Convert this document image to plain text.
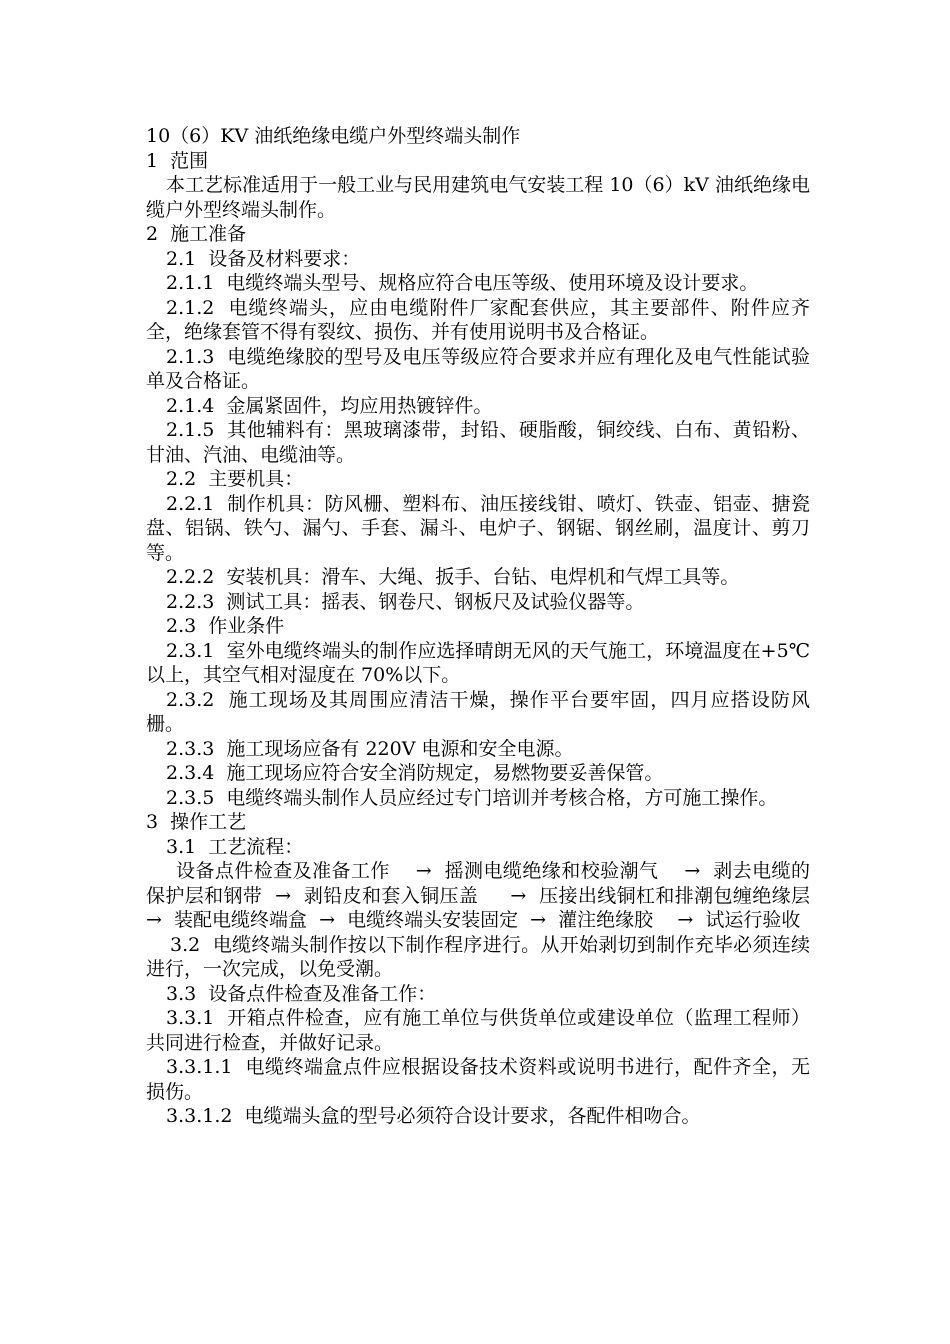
10（6）KV 油纸绝缘电缆户外型终端头制作

1  范围

本工艺标准适用于一般工业与民用建筑电气安装工程 10（6）kV 油纸绝缘电缆户外型终端头制作。

2  施工准备

2.1  设备及材料要求：

2.1.1  电缆终端头型号、规格应符合电压等级、使用环境及设计要求。

2.1.2  电缆终端头，应由电缆附件厂家配套供应，其主要部件、附件应齐全，绝缘套管不得有裂纹、损伤、并有使用说明书及合格证。

2.1.3  电缆绝缘胶的型号及电压等级应符合要求并应有理化及电气性能试验单及合格证。

2.1.4  金属紧固件，均应用热镀锌件。

2.1.5  其他辅料有：黑玻璃漆带，封铅、硬脂酸，铜绞线、白布、黄铅粉、甘油、汽油、电缆油等。

2.2  主要机具：

2.2.1  制作机具：防风栅、塑料布、油压接线钳、喷灯、铁壶、铝壶、搪瓷盘、铝锅、铁勺、漏勺、手套、漏斗、电炉子、钢锯、钢丝刷，温度计、剪刀等。

2.2.2  安装机具：滑车、大绳、扳手、台钻、电焊机和气焊工具等。

2.2.3  测试工具：摇表、钢卷尺、钢板尺及试验仪器等。

2.3  作业条件

2.3.1  室外电缆终端头的制作应选择晴朗无风的天气施工，环境温度在+5℃以上，其空气相对湿度在 70%以下。

2.3.2  施工现场及其周围应清洁干燥，操作平台要牢固，四月应搭设防风栅。

2.3.3  施工现场应备有 220V 电源和安全电源。

2.3.4  施工现场应符合安全消防规定，易燃物要妥善保管。

2.3.5  电缆终端头制作人员应经过专门培训并考核合格，方可施工操作。

3  操作工艺

3.1  工艺流程：

设备点件检查及准备工作    →  摇测电缆绝缘和校验潮气    →  剥去电缆的保护层和钢带  →  剥铅皮和套入铜压盖     →  压接出线铜杠和排潮包缠绝缘层    →  装配电缆终端盒  →  电缆终端头安装固定  →  灌注绝缘胶    →  试运行验收

3.2  电缆终端头制作按以下制作程序进行。从开始剥切到制作充毕必须连续进行，一次完成，以免受潮。

3.3  设备点件检查及准备工作：

3.3.1  开箱点件检查，应有施工单位与供货单位或建设单位（监理工程师）共同进行检查，并做好记录。

3.3.1.1  电缆终端盒点件应根据设备技术资料或说明书进行，配件齐全，无损伤。

3.3.1.2  电缆端头盒的型号必须符合设计要求，各配件相吻合。
